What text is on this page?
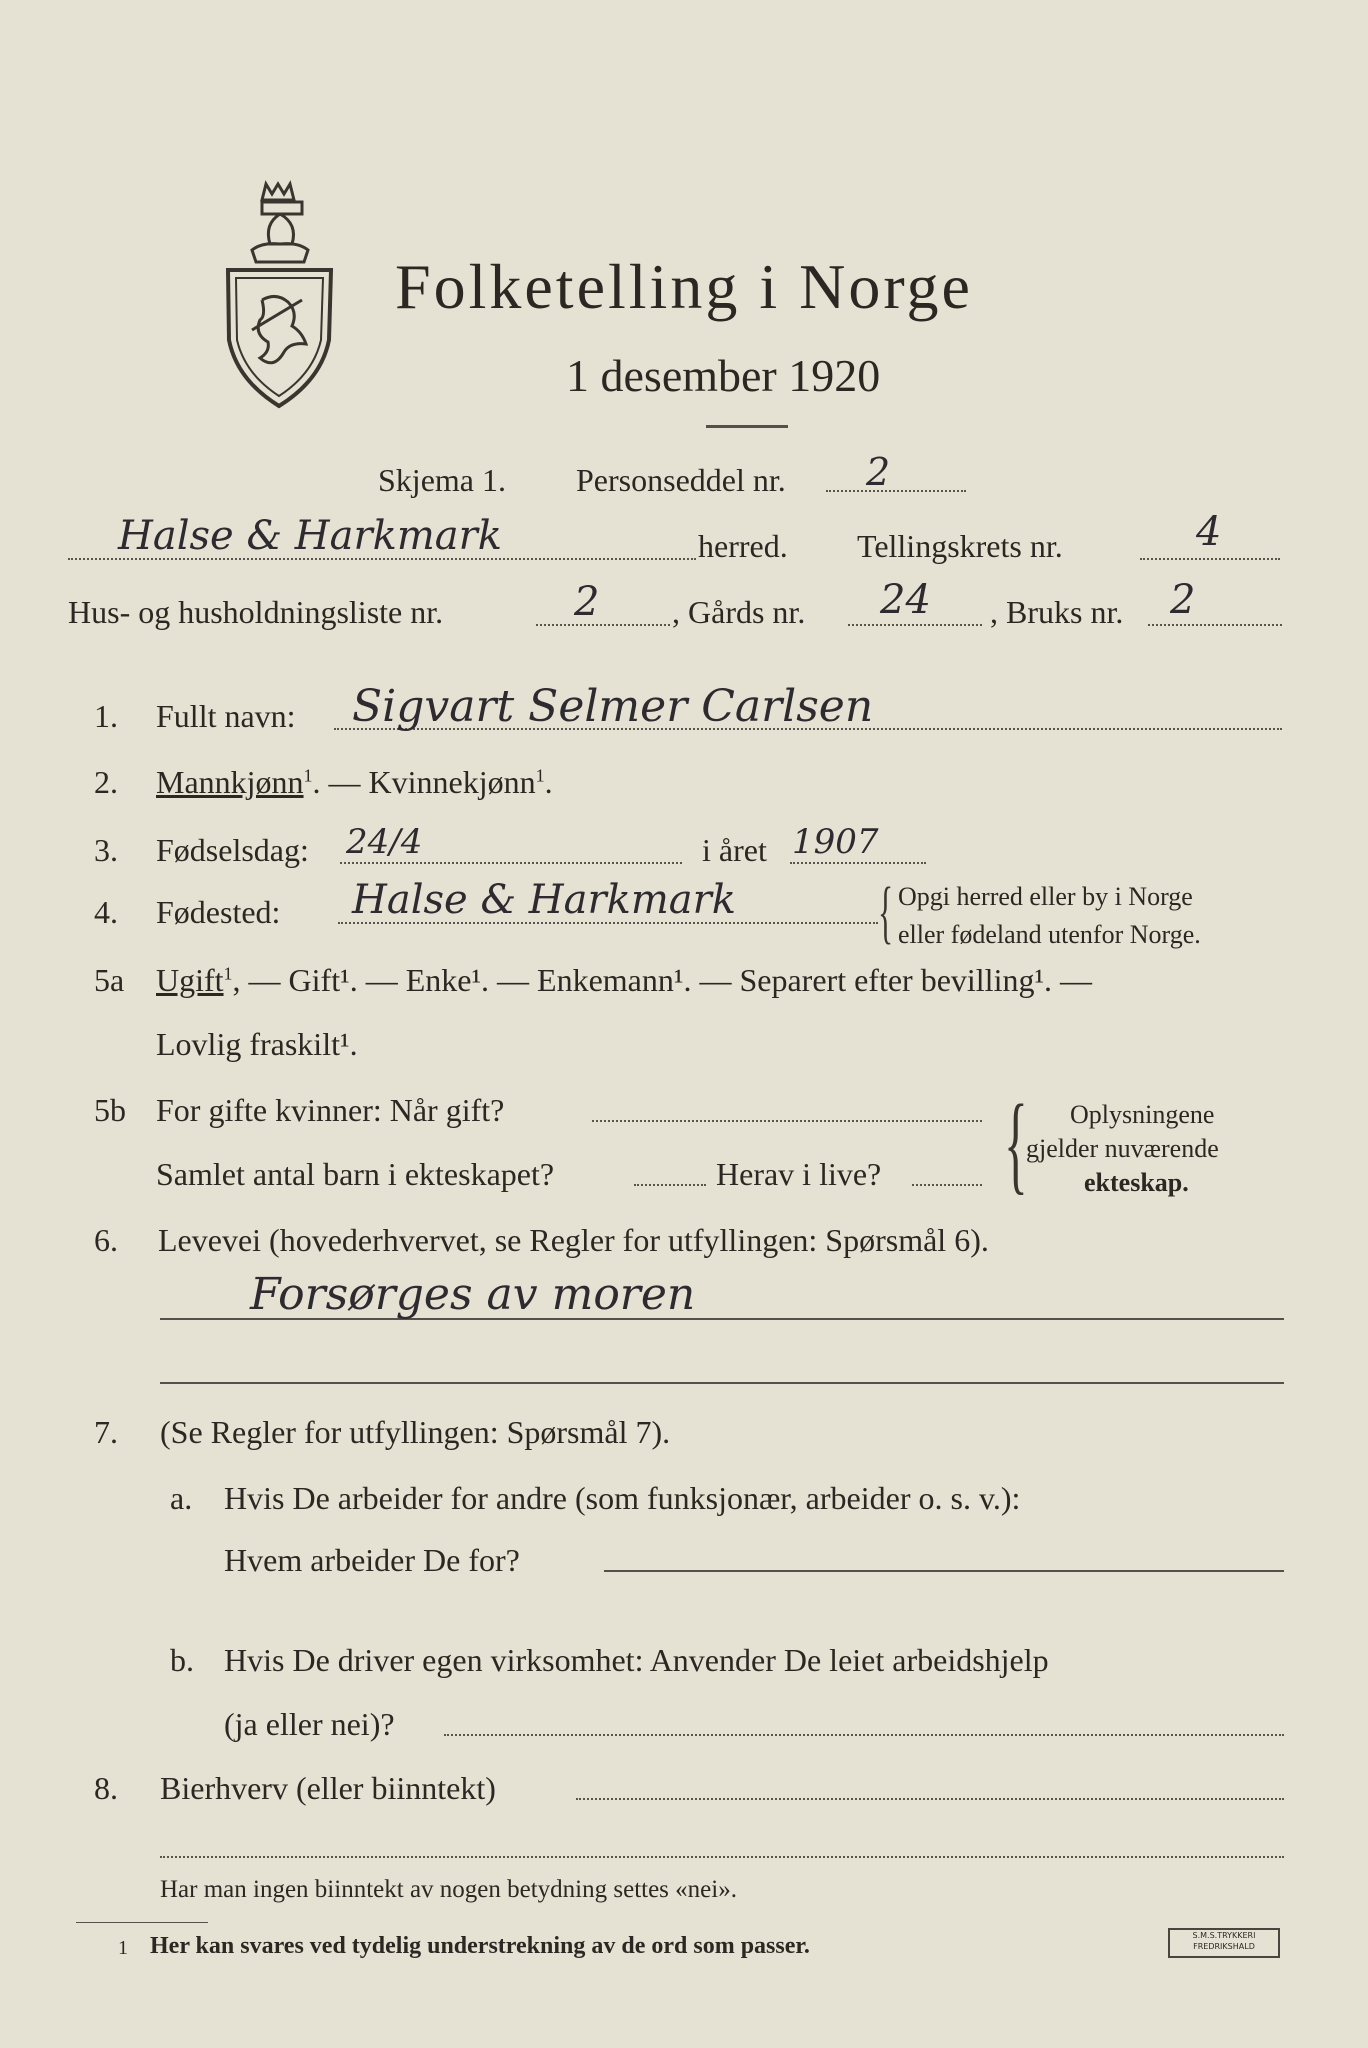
Folketelling i Norge
1 desember 1920
Skjema 1. Personseddel nr. 2
Halse & Harkmark	herred. Tellingskrets nr.	4
Hus- og husholdningsliste nr.	2 , Gårds nr. 24 , Bruks nr. 2
1. Fullt navn: Sigvart Selmer Carlsen
2. Mannkjønn$^1$. — Kvinnekjønn$^1$.
3. Fødselsdag: 24/4	i året 1907
4. Fødested: Halse & Harkmark { Opgi herred eller by i Norge
eller fødeland utenfor Norge.
5a Ugift$^1$, — Gift¹. — Enke¹. — Enkemann¹. — Separert efter bevilling¹. —
Lovlig fraskilt¹.
5b For gifte kvinner: Når gift?
Samlet antal barn i ekteskapet?	Herav i live? { Oplysningene
gjelder nuværende
ekteskap.
6. Levevei (hovederhvervet, se Regler for utfyllingen: Spørsmål 6).
Forsørges av moren
7. (Se Regler for utfyllingen: Spørsmål 7).
a. Hvis De arbeider for andre (som funksjonær, arbeider o. s. v.):
Hvem arbeider De for?
b. Hvis De driver egen virksomhet: Anvender De leiet arbeidshjelp
(ja eller nei)?
8. Bierhverv (eller biinntekt)
Har man ingen biinntekt av nogen betydning settes «nei».
1 Her kan svares ved tydelig understrekning av de ord som passer.	S.M.S.TRYKKERI
FREDRIKSHALD
